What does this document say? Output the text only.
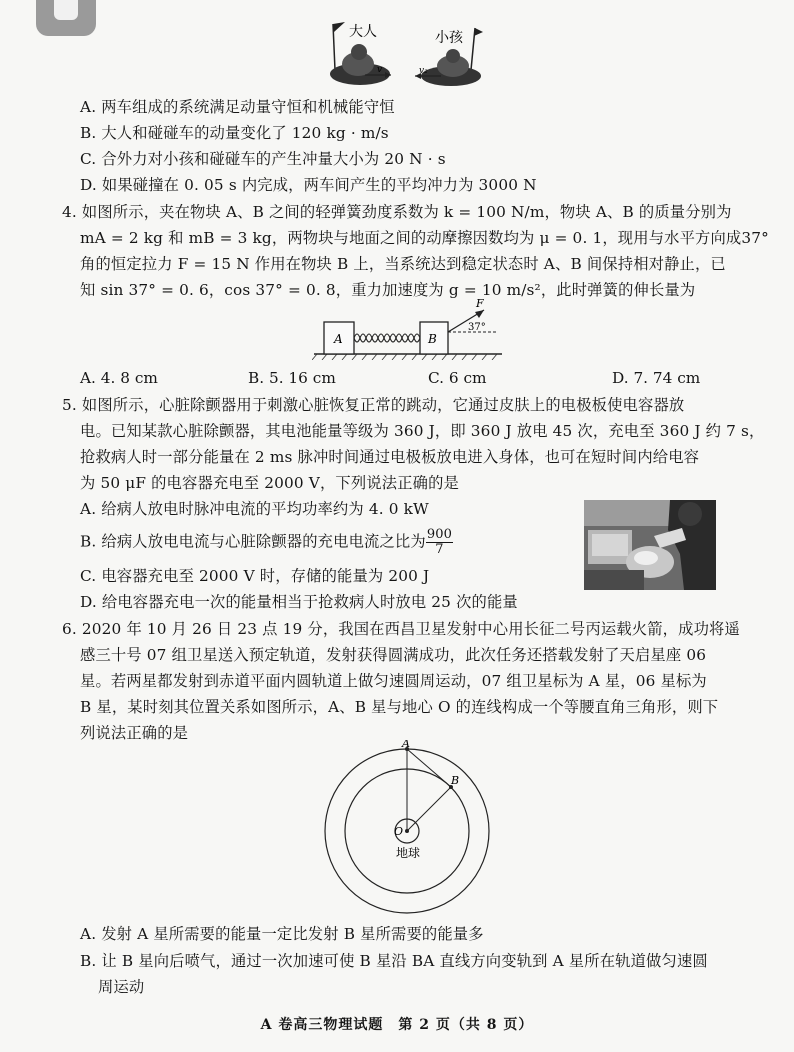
v
大人
v₂
小孩
A. 两车组成的系统满足动量守恒和机械能守恒
B. 大人和碰碰车的动量变化了 120 kg · m/s
C. 合外力对小孩和碰碰车的产生冲量大小为 20 N · s
D. 如果碰撞在 0. 05 s 内完成，两车间产生的平均冲力为 3000 N
4. 如图所示，夹在物块 A、B 之间的轻弹簧劲度系数为 k = 100 N/m，物块 A、B 的质量分别为
mA = 2 kg 和 mB = 3 kg，两物块与地面之间的动摩擦因数均为 μ = 0. 1，现用与水平方向成37°
角的恒定拉力 F = 15 N 作用在物块 B 上，当系统达到稳定状态时 A、B 间保持相对静止，已
知 sin 37° = 0. 6，cos 37° = 0. 8，重力加速度为 g = 10 m/s²，此时弹簧的伸长量为
A	B
F
37°
A. 4. 8 cm	B. 5. 16 cm	C. 6 cm	D. 7. 74 cm
5. 如图所示，心脏除颤器用于刺激心脏恢复正常的跳动，它通过皮肤上的电极板使电容器放
电。已知某款心脏除颤器，其电池能量等级为 360 J，即 360 J 放电 45 次，充电至 360 J 约 7 s，
抢救病人时一部分能量在 2 ms 脉冲时间通过电极板放电进入身体，也可在短时间内给电容
为 50 μF 的电容器充电至 2000 V，下列说法正确的是
A. 给病人放电时脉冲电流的平均功率约为 4. 0 kW
B. 给病人放电电流与心脏除颤器的充电电流之比为 $\frac{900}{7}$
C. 电容器充电至 2000 V 时，存储的能量为 200 J
D. 给电容器充电一次的能量相当于抢救病人时放电 25 次的能量
6. 2020 年 10 月 26 日 23 点 19 分，我国在西昌卫星发射中心用长征二号丙运载火箭，成功将遥
感三十号 07 组卫星送入预定轨道，发射获得圆满成功，此次任务还搭载发射了天启星座 06
星。若两星都发射到赤道平面内圆轨道上做匀速圆周运动，07 组卫星标为 A 星，06 星标为
B 星，某时刻其位置关系如图所示，A、B 星与地心 O 的连线构成一个等腰直角三角形，则下
列说法正确的是
A
B
O
地球
A. 发射 A 星所需要的能量一定比发射 B 星所需要的能量多
B. 让 B 星向后喷气，通过一次加速可使 B 星沿 BA 直线方向变轨到 A 星所在轨道做匀速圆
周运动
A 卷高三物理试题　第 2 页（共 8 页）
